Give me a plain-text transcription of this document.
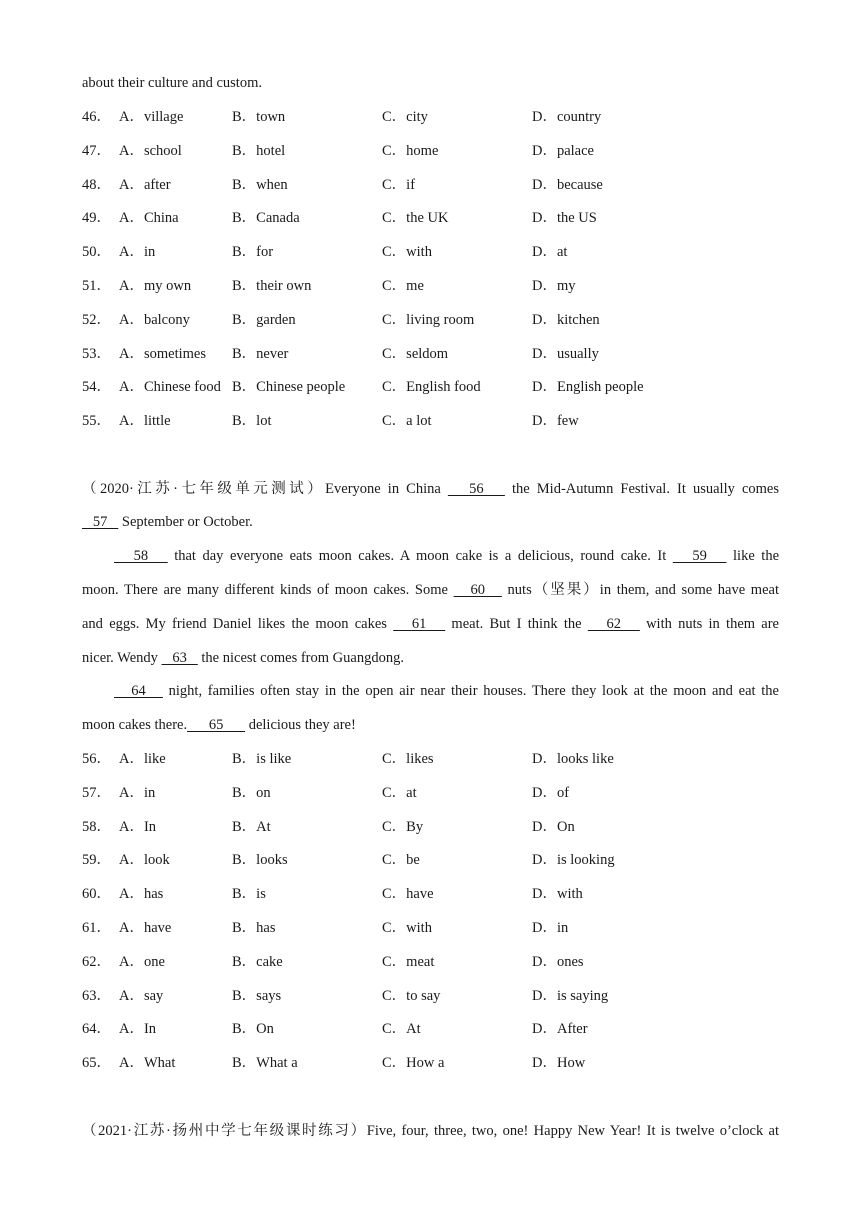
about their culture and custom.
46． A．village	B．town	C．city	D．country
47． A．school	B．hotel	C．home	D．palace
48． A．after	B．when	C．if	D．because
49． A．China	B．Canada	C．the UK	D．the US
50． A．in	B．for	C．with	D．at
51． A．my own	B．their own	C．me	D．my
52． A．balcony	B．garden	C．living room	D．kitchen
53． A．sometimes B．never	C．seldom	D．usually
54． A．Chinese food B．Chinese people	C．English food	D．English people
55． A．little	B．lot	C．a lot	D．few
（2020·江苏·七年级单元测试）Everyone in China    56    the Mid-Autumn Festival. It usually comes
57    September or October.
58    that day everyone eats moon cakes. A moon cake is a delicious, round cake. It    59    like the
moon. There are many different kinds of moon cakes. Some    60    nuts（坚果）in them, and some have meat
and eggs. My friend Daniel likes the moon cakes    61    meat. But I think the    62    with nuts in them are
nicer. Wendy    63    the nicest comes from Guangdong.
64    night, families often stay in the open air near their houses. There they look at the moon and eat the
moon cakes there.      65       delicious they are!
56． A．like	B．is like	C．likes	D．looks like
57． A．in	B．on	C．at	D．of
58． A．In	B．At	C．By	D．On
59． A．look	B．looks	C．be	D．is looking
60． A．has	B．is	C．have	D．with
61． A．have	B．has	C．with	D．in
62． A．one	B．cake	C．meat	D．ones
63． A．say	B．says	C．to say	D．is saying
64． A．In	B．On	C．At	D．After
65． A．What	B．What a	C．How a	D．How
（2021·江苏·扬州中学七年级课时练习）Five, four, three, two, one! Happy New Year! It is twelve o’clock at
